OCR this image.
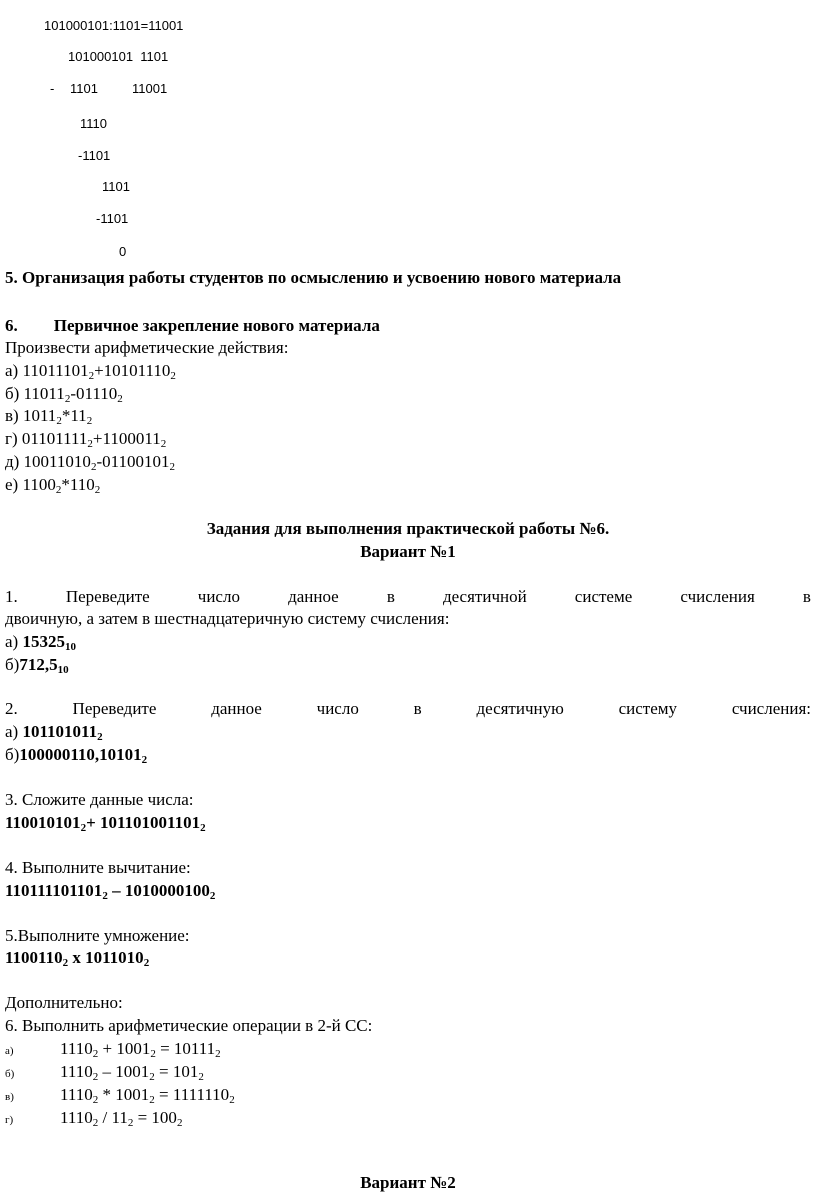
101000101:1101=11001
101000101  1101
- 1101	11001
1110
-1101
1101
-1101
0
5. Организация работы студентов по осмыслению и усвоению нового материала
6. Первичное закрепление нового материала
Произвести арифметические действия:
а) $11011101_2+10101110_2$
б) $11011_2-01110_2$
в) $1011_2*11_2$
г) $01101111_2+1100011_2$
д) $10011010_2-01100101_2$
е) $1100_2*110_2$
Задания для выполнения практической работы №6.
Вариант №1
1.	Переведите	число	данное	в	десятичной	системе	счисления	в
двоичную, а затем в шестнадцатеричную систему счисления:
а) $15325_{10}$
$б)712,5_{10}$
2.	Переведите	данное	число	в	десятичную	систему	счисления:
а) $101101011_2$
$б)100000110,10101_2$
3. Сложите данные числа:
$110010101_2+ 101101001101_2$
4. Выполните вычитание:
$110111101101_2 - 1010000100_2$
5.Выполните умножение:
$1100110_2$ х $1011010_2$
Дополнительно:
6. Выполнить арифметические операции в 2-й СС:
а)	$1110_2 + 1001_2 = 10111_2$
б)	$1110_2 - 1001_2 = 101_2$
в)	$1110_2 * 1001_2 = 1111110_2$
г)	$1110_2 / 11_2 = 100_2$
Вариант №2
